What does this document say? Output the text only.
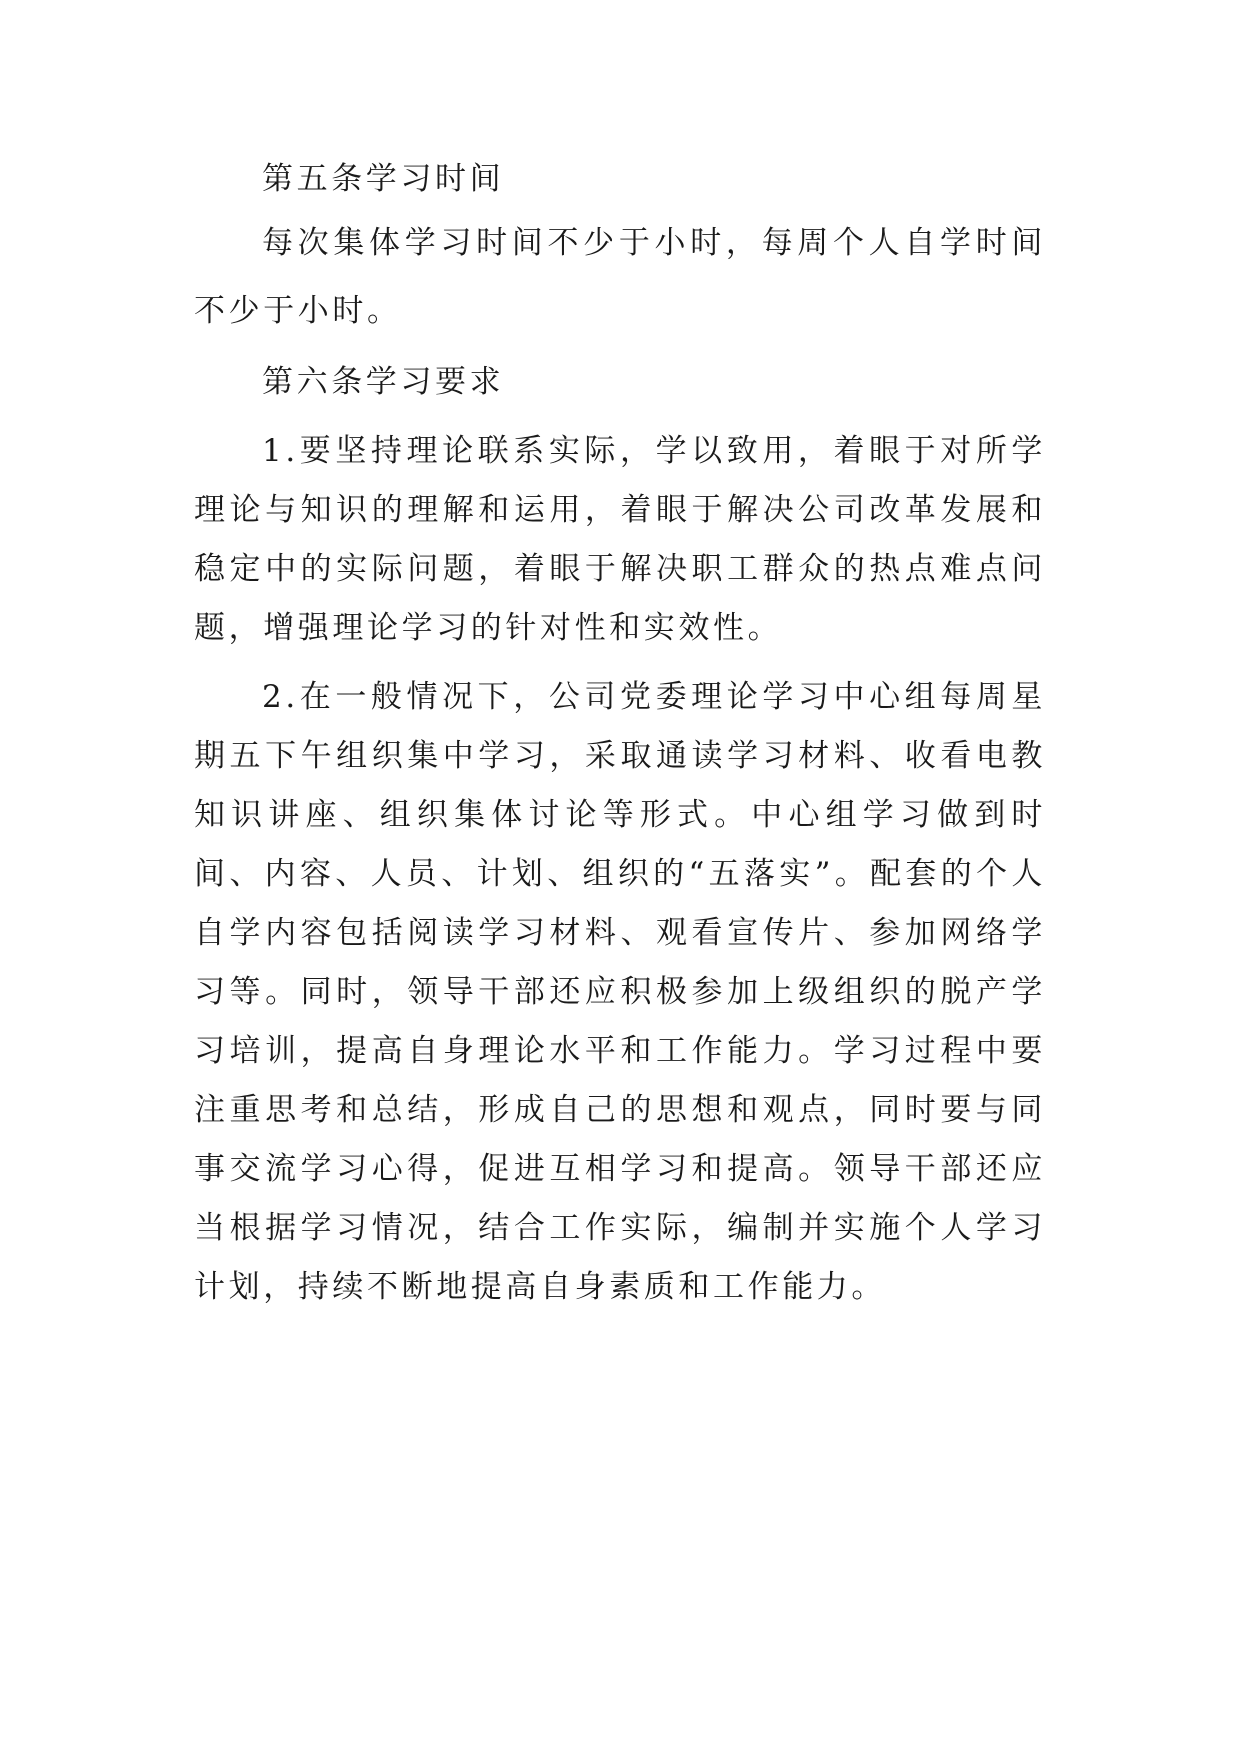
第五条学习时间

每次集体学习时间不少于小时，每周个人自学时间不少于小时。

第六条学习要求

1.要坚持理论联系实际，学以致用，着眼于对所学理论与知识的理解和运用，着眼于解决公司改革发展和稳定中的实际问题，着眼于解决职工群众的热点难点问题，增强理论学习的针对性和实效性。

2.在一般情况下，公司党委理论学习中心组每周星期五下午组织集中学习，采取通读学习材料、收看电教知识讲座、组织集体讨论等形式。中心组学习做到时间、内容、人员、计划、组织的“五落实”。配套的个人自学内容包括阅读学习材料、观看宣传片、参加网络学习等。同时，领导干部还应积极参加上级组织的脱产学习培训，提高自身理论水平和工作能力。学习过程中要注重思考和总结，形成自己的思想和观点，同时要与同事交流学习心得，促进互相学习和提高。领导干部还应当根据学习情况，结合工作实际，编制并实施个人学习计划，持续不断地提高自身素质和工作能力。
